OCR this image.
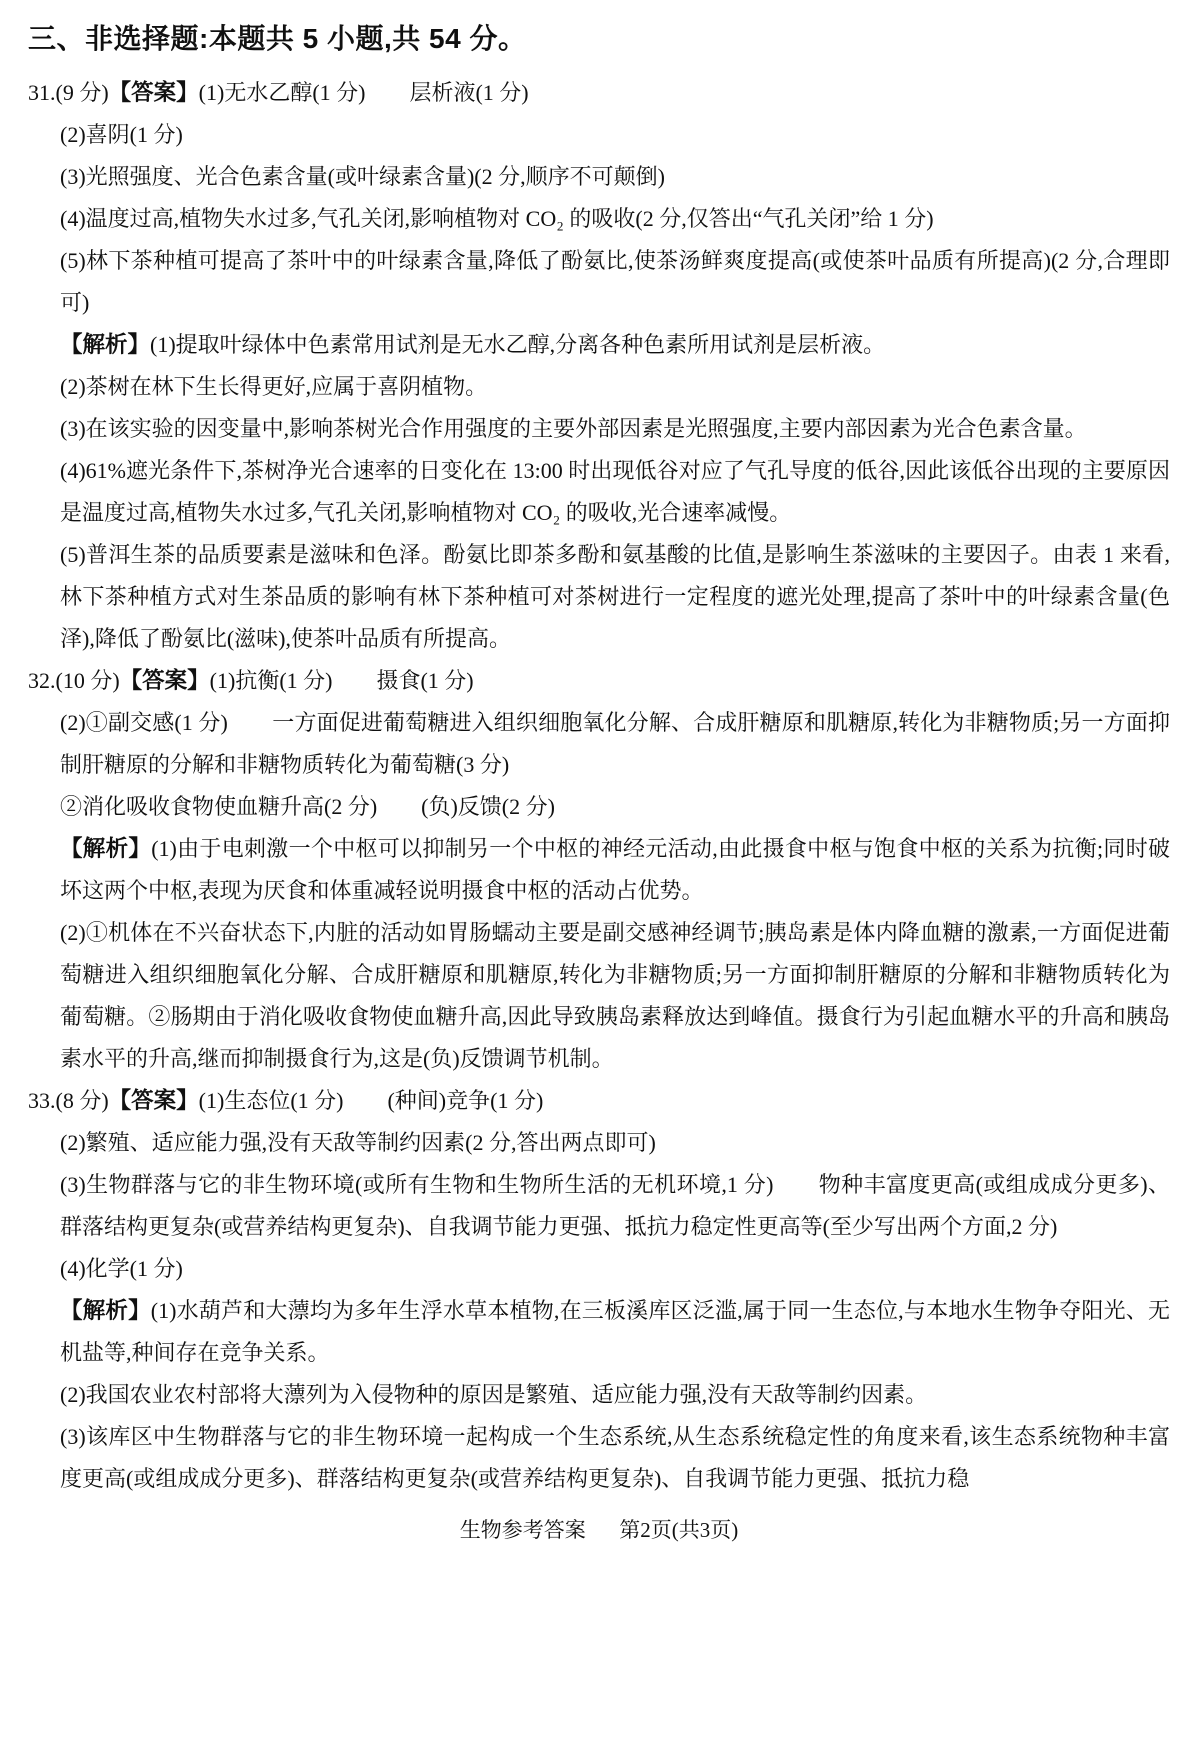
三、非选择题:本题共 5 小题,共 54 分。

31.(9 分)【答案】(1)无水乙醇(1 分)　　层析液(1 分)

(2)喜阴(1 分)

(3)光照强度、光合色素含量(或叶绿素含量)(2 分,顺序不可颠倒)

(4)温度过高,植物失水过多,气孔关闭,影响植物对 CO₂ 的吸收(2 分,仅答出“气孔关闭”给 1 分)

(5)林下茶种植可提高了茶叶中的叶绿素含量,降低了酚氨比,使茶汤鲜爽度提高(或使茶叶品质有所提高)(2 分,合理即可)

【解析】(1)提取叶绿体中色素常用试剂是无水乙醇,分离各种色素所用试剂是层析液。

(2)茶树在林下生长得更好,应属于喜阴植物。

(3)在该实验的因变量中,影响茶树光合作用强度的主要外部因素是光照强度,主要内部因素为光合色素含量。

(4)61%遮光条件下,茶树净光合速率的日变化在 13:00 时出现低谷对应了气孔导度的低谷,因此该低谷出现的主要原因是温度过高,植物失水过多,气孔关闭,影响植物对 CO₂ 的吸收,光合速率减慢。

(5)普洱生茶的品质要素是滋味和色泽。酚氨比即茶多酚和氨基酸的比值,是影响生茶滋味的主要因子。由表 1 来看,林下茶种植方式对生茶品质的影响有林下茶种植可对茶树进行一定程度的遮光处理,提高了茶叶中的叶绿素含量(色泽),降低了酚氨比(滋味),使茶叶品质有所提高。

32.(10 分)【答案】(1)抗衡(1 分)　　摄食(1 分)

(2)①副交感(1 分)　　一方面促进葡萄糖进入组织细胞氧化分解、合成肝糖原和肌糖原,转化为非糖物质;另一方面抑制肝糖原的分解和非糖物质转化为葡萄糖(3 分)

②消化吸收食物使血糖升高(2 分)　　(负)反馈(2 分)

【解析】(1)由于电刺激一个中枢可以抑制另一个中枢的神经元活动,由此摄食中枢与饱食中枢的关系为抗衡;同时破坏这两个中枢,表现为厌食和体重减轻说明摄食中枢的活动占优势。

(2)①机体在不兴奋状态下,内脏的活动如胃肠蠕动主要是副交感神经调节;胰岛素是体内降血糖的激素,一方面促进葡萄糖进入组织细胞氧化分解、合成肝糖原和肌糖原,转化为非糖物质;另一方面抑制肝糖原的分解和非糖物质转化为葡萄糖。②肠期由于消化吸收食物使血糖升高,因此导致胰岛素释放达到峰值。摄食行为引起血糖水平的升高和胰岛素水平的升高,继而抑制摄食行为,这是(负)反馈调节机制。

33.(8 分)【答案】(1)生态位(1 分)　　(种间)竞争(1 分)

(2)繁殖、适应能力强,没有天敌等制约因素(2 分,答出两点即可)

(3)生物群落与它的非生物环境(或所有生物和生物所生活的无机环境,1 分)　　物种丰富度更高(或组成成分更多)、群落结构更复杂(或营养结构更复杂)、自我调节能力更强、抵抗力稳定性更高等(至少写出两个方面,2 分)

(4)化学(1 分)

【解析】(1)水葫芦和大薸均为多年生浮水草本植物,在三板溪库区泛滥,属于同一生态位,与本地水生物争夺阳光、无机盐等,种间存在竞争关系。

(2)我国农业农村部将大薸列为入侵物种的原因是繁殖、适应能力强,没有天敌等制约因素。

(3)该库区中生物群落与它的非生物环境一起构成一个生态系统,从生态系统稳定性的角度来看,该生态系统物种丰富度更高(或组成成分更多)、群落结构更复杂(或营养结构更复杂)、自我调节能力更强、抵抗力稳

生物参考答案 第2页(共3页)
